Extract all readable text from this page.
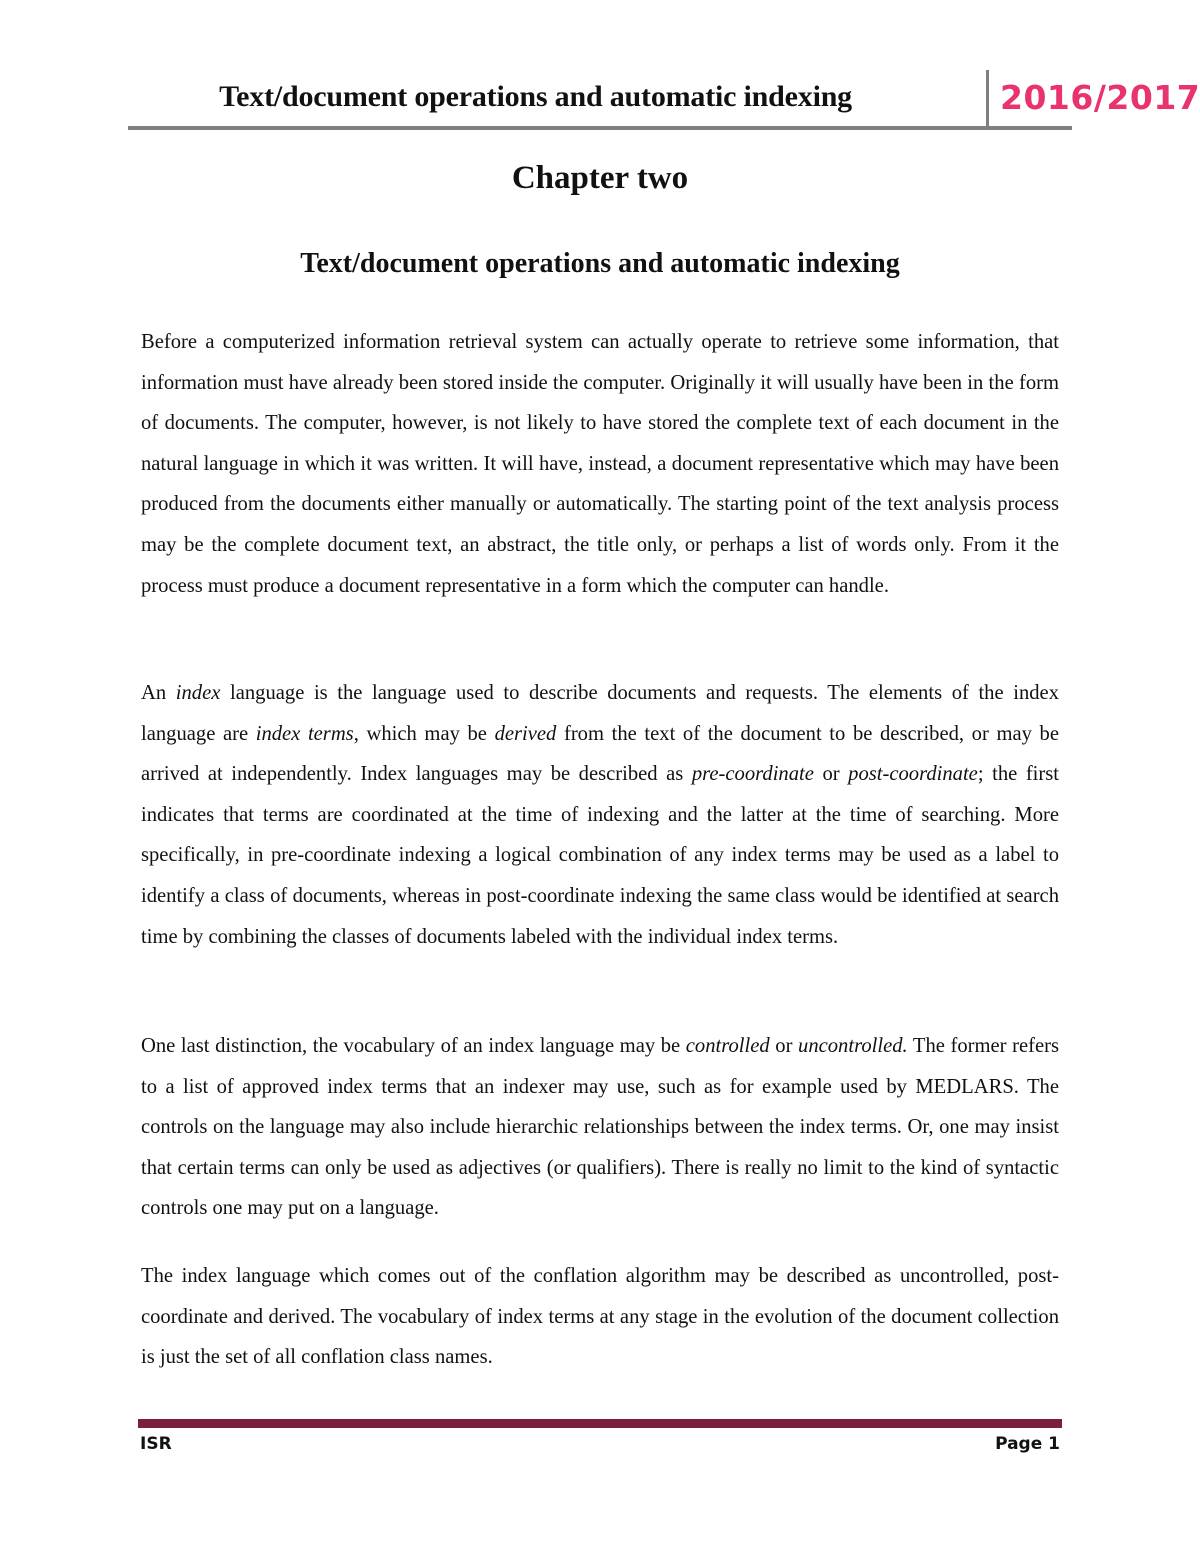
Text/document operations and automatic indexing	2016/2017
Chapter two
Text/document operations and automatic indexing

Before a computerized information retrieval system can actually operate to retrieve some information, that information must have already been stored inside the computer. Originally it will usually have been in the form of documents. The computer, however, is not likely to have stored the complete text of each document in the natural language in which it was written. It will have, instead, a document representative which may have been produced from the documents either manually or automatically. The starting point of the text analysis process may be the complete document text, an abstract, the title only, or perhaps a list of words only. From it the process must produce a document representative in a form which the computer can handle.

An index language is the language used to describe documents and requests. The elements of the index language are index terms, which may be derived from the text of the document to be described, or may be arrived at independently. Index languages may be described as pre-coordinate or post-coordinate; the first indicates that terms are coordinated at the time of indexing and the latter at the time of searching. More specifically, in pre-coordinate indexing a logical combination of any index terms may be used as a label to identify a class of documents, whereas in post-coordinate indexing the same class would be identified at search time by combining the classes of documents labeled with the individual index terms.

One last distinction, the vocabulary of an index language may be controlled or uncontrolled. The former refers to a list of approved index terms that an indexer may use, such as for example used by MEDLARS. The controls on the language may also include hierarchic relationships between the index terms. Or, one may insist that certain terms can only be used as adjectives (or qualifiers). There is really no limit to the kind of syntactic controls one may put on a language.

The index language which comes out of the conflation algorithm may be described as uncontrolled, post-coordinate and derived. The vocabulary of index terms at any stage in the evolution of the document collection is just the set of all conflation class names.

ISR	Page 1
